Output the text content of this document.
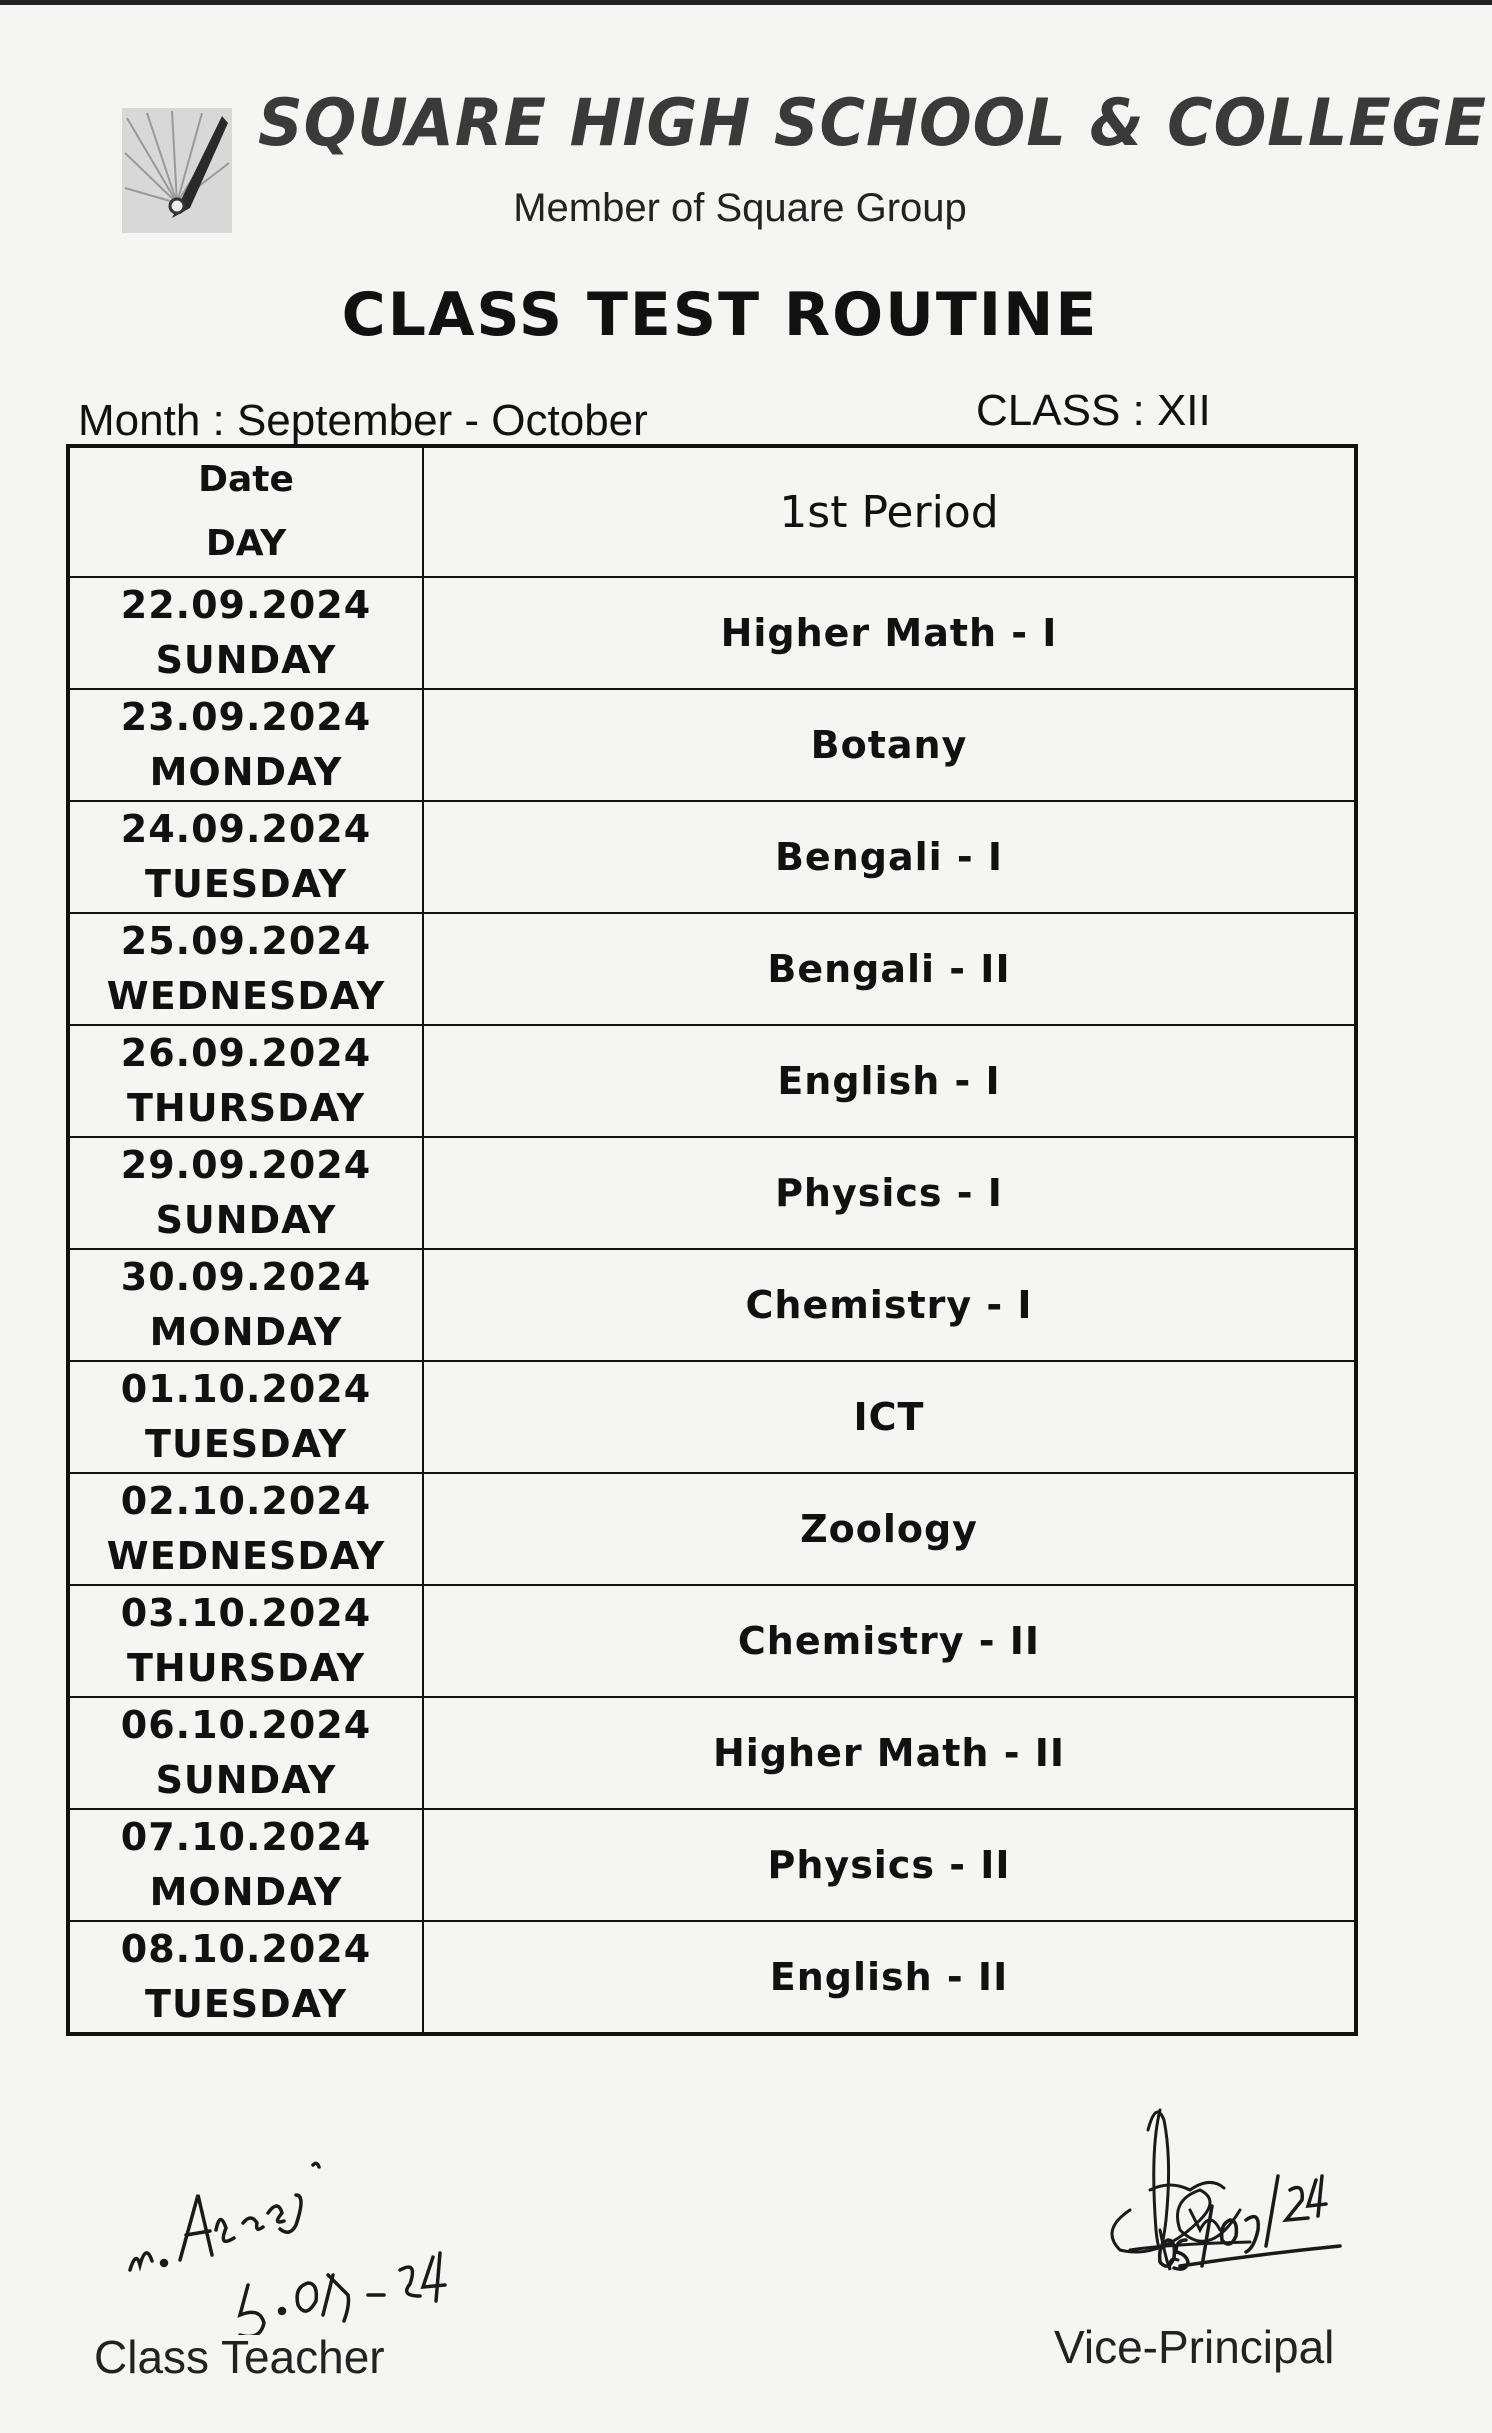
SQUARE HIGH SCHOOL & COLLEGE
Member of Square Group
CLASS TEST ROUTINE
Month : September - October	CLASS : XII
Date
DAY	1st Period

22.09.2024
SUNDAY	Higher Math - I

23.09.2024
MONDAY	Botany

24.09.2024
TUESDAY	Bengali - I

25.09.2024
WEDNESDAY	Bengali - II

26.09.2024
THURSDAY	English - I

29.09.2024
SUNDAY	Physics - I

30.09.2024
MONDAY	Chemistry - I

01.10.2024
TUESDAY	ICT

02.10.2024
WEDNESDAY	Zoology

03.10.2024
THURSDAY	Chemistry - II

06.10.2024
SUNDAY	Higher Math - II

07.10.2024
MONDAY	Physics - II

08.10.2024
TUESDAY	English - II
Class Teacher	Vice-Principal
